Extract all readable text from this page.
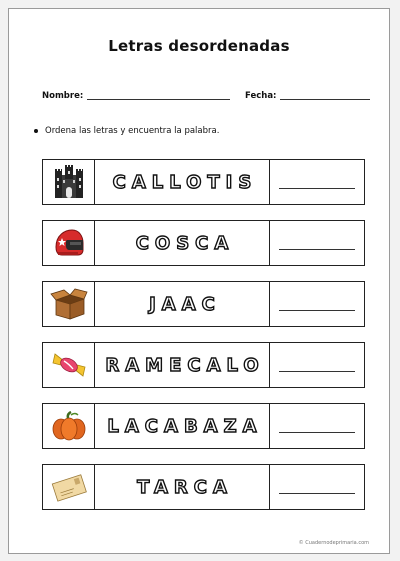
Letras desordenadas
Nombre:	Fecha:
Ordena las letras y encuentra la palabra.
CALLOTIS
COSCA
JAAC
RAMECALO
LACABAZA
TARCA
© Cuadernodeprimaria.com
